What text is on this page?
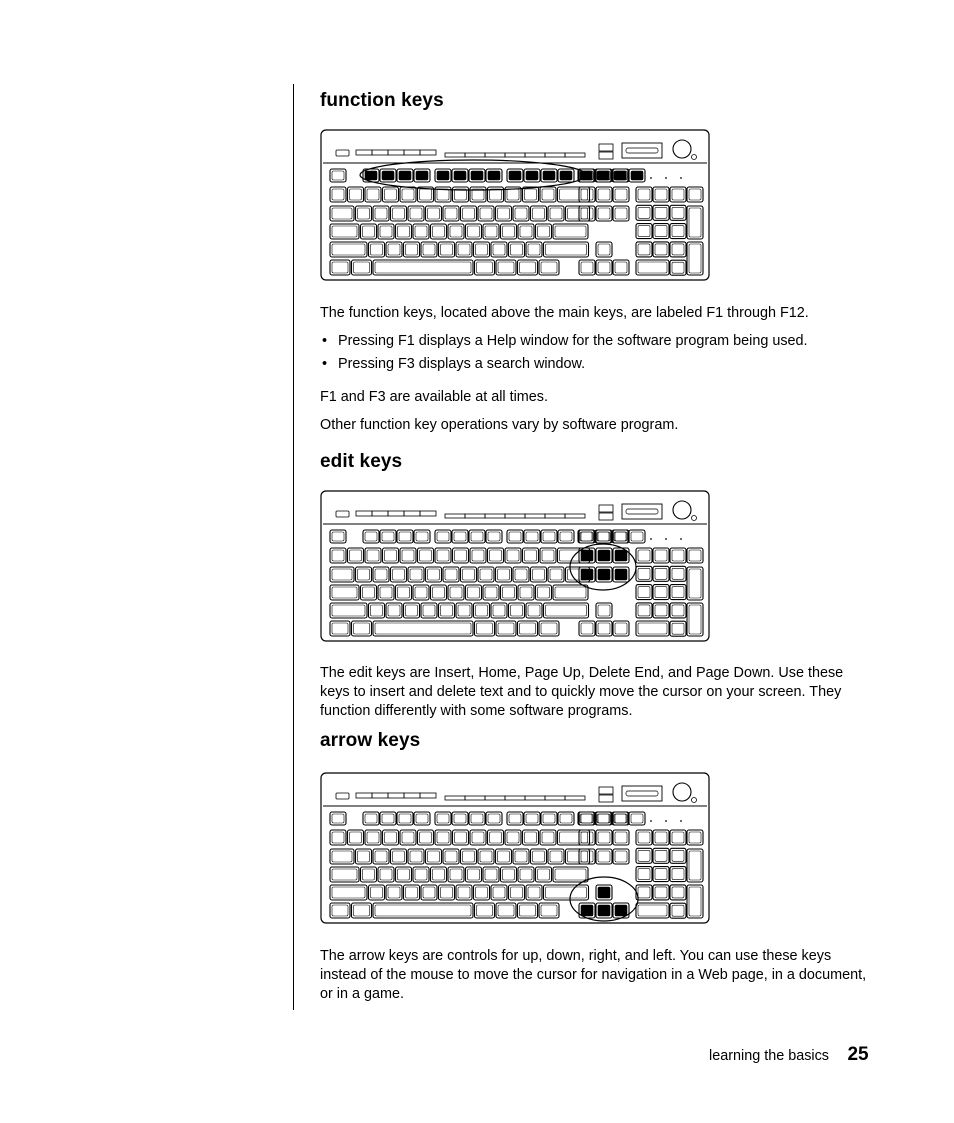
function keys

The function keys, located above the main keys, are labeled F1 through F12.

• Pressing F1 displays a Help window for the software program being used.
• Pressing F3 displays a search window.

F1 and F3 are available at all times.

Other function key operations vary by software program.

edit keys

The edit keys are Insert, Home, Page Up, Delete End, and Page Down. Use these keys to insert and delete text and to quickly move the cursor on your screen. They function differently with some software programs.

arrow keys

The arrow keys are controls for up, down, right, and left. You can use these keys instead of the mouse to move the cursor for navigation in a Web page, in a document, or in a game.

learning the basics 25
